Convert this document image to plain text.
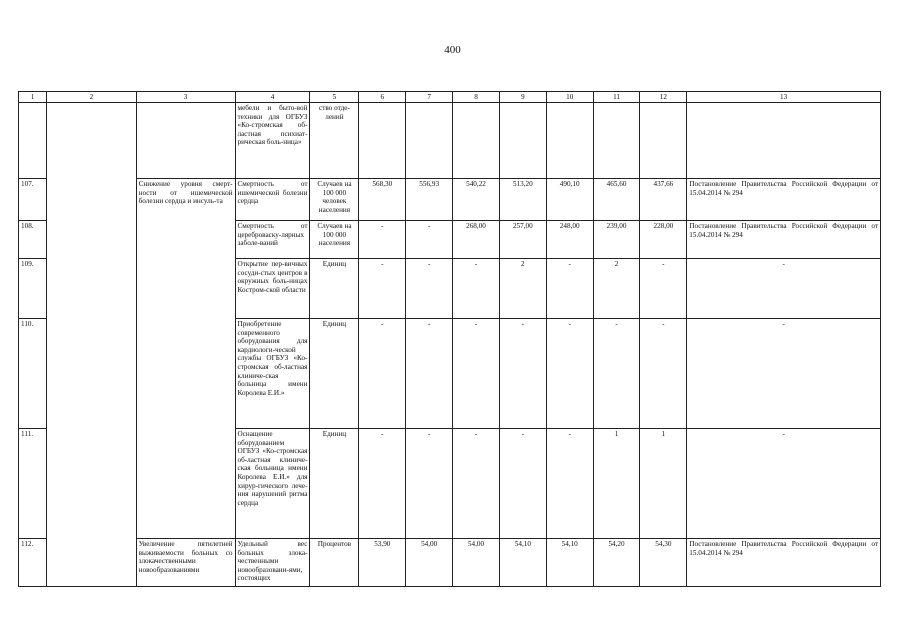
400
1	2	3	4	5	6	7	8	9	10	11	12	13
			мебели и быто-вой техники для ОГБУЗ «Ко-стромская об-ластная психиат-рическая боль-ница»	ство отде-лений								
107.		Снижение уровня смерт-ности от ишемической болезни сердца и инсуль-та	Смертность от ишемической болезни сердца	Случаев на 100 000 человек населения	568,30	556,93	540,22	513,20	490,10	465,60	437,66	Постановление Правительства Российской Федерации от 15.04.2014 № 294
108.			Смертность от цереброваску-лярных заболе-ваний	Случаев на 100 000 населения	-	-	268,00	257,00	248,00	239,00	228,00	Постановление Правительства Российской Федерации от 15.04.2014 № 294
109.			Открытие пер-вичных сосуди-стых центров в окружных боль-ницах Костром-ской области	Единиц	-	-	-	2	-	2	-	-
110.			Приобретение современного оборудования для кардиологи-ческой службы ОГБУЗ «Ко-стромская об-ластная клиниче-ская больница имени Королева Е.И.»	Единиц	-	-	-	-	-	-	-	-
111.			Оснащение оборудованием ОГБУЗ «Ко-стромская об-ластная клиниче-ская больница имени Королева Е.И.» для хирур-гического лече-ния нарушений ритма сердца	Единиц	-	-	-	-	-	1	1	-
112.		Увеличение пятилетней выживаемости больных со злокачественными новообразованиями	Удельный вес больных злока-чественными новообразовани-ями, состоящих	Процентов	53,90	54,00	54,00	54,10	54,10	54,20	54,30	Постановление Правительства Российской Федерации от 15.04.2014 № 294
